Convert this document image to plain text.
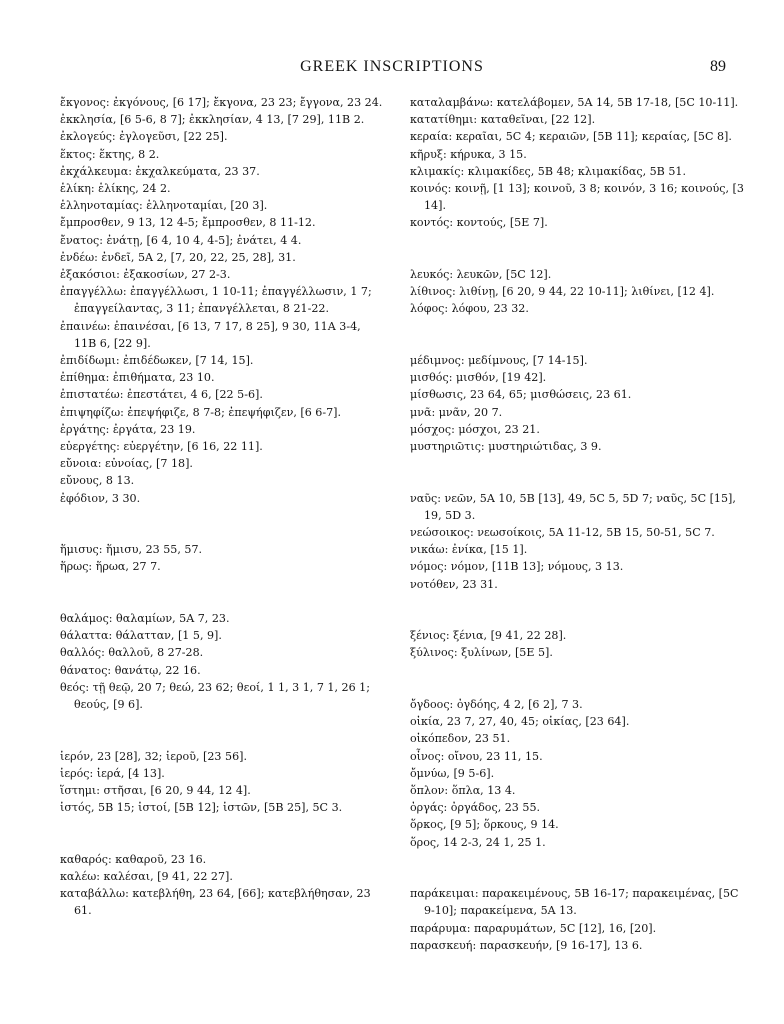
GREEK INSCRIPTIONS	89
ἔκγονος: ἐκγόνους, [6 17]; ἔκγονα, 23 23; ἔγγονα, 23 24.
ἐκκλησία, [6 5-6, 8 7]; ἐκκλησίαν, 4 13, [7 29], 11B 2.
ἐκλογεύς: ἐγλογεῦσι, [22 25].
ἕκτος: ἕκτης, 8 2.
ἐκχάλκευμα: ἐκχαλκεύματα, 23 37.
ἑλίκη: ἑλίκης, 24 2.
ἑλληνοταμίας: ἑλληνοταμίαι, [20 3].
ἔμπροσθεν, 9 13, 12 4-5; ἔμπροσθεν, 8 11-12.
ἔνατος: ἐνάτῃ, [6 4, 10 4, 4-5]; ἐνάτει, 4 4.
ἐνδέω: ἐνδεῖ, 5A 2, [7, 20, 22, 25, 28], 31.
ἐξακόσιοι: ἐξακοσίων, 27 2-3.
ἐπαγγέλλω: ἐπαγγέλλωσι, 1 10-11; ἐπαγγέλλωσιν, 1 7; ἐπαγγείλαντας, 3 11; ἐπανγέλλεται, 8 21-22.
ἐπαινέω: ἐπαινέσαι, [6 13, 7 17, 8 25], 9 30, 11A 3-4, 11B 6, [22 9].
ἐπιδίδωμι: ἐπιδέδωκεν, [7 14, 15].
ἐπίθημα: ἐπιθήματα, 23 10.
ἐπιστατέω: ἐπεστάτει, 4 6, [22 5-6].
ἐπιψηφίζω: ἐπεψήφιζε, 8 7-8; ἐπεψήφιζεν, [6 6-7].
ἐργάτης: ἐργάτα, 23 19.
εὐεργέτης: εὐεργέτην, [6 16, 22 11].
εὔνοια: εὐνοίας, [7 18].
εὔνους, 8 13.
ἐφόδιον, 3 30.
ἥμισυς: ἥμισυ, 23 55, 57.
ἥρως: ἥρωα, 27 7.
θαλάμος: θαλαμίων, 5A 7, 23.
θάλαττα: θάλατταν, [1 5, 9].
θαλλός: θαλλοῦ, 8 27-28.
θάνατος: θανάτῳ, 22 16.
θεός: τῇ θεῷ, 20 7; θεώ, 23 62; θεοί, 1 1, 3 1, 7 1, 26 1; θεούς, [9 6].
ἱερόν, 23 [28], 32; ἱεροῦ, [23 56].
ἱερός: ἱερά, [4 13].
ἵστημι: στῆσαι, [6 20, 9 44, 12 4].
ἱστός, 5B 15; ἱστοί, [5B 12]; ἱστῶν, [5B 25], 5C 3.
καθαρός: καθαροῦ, 23 16.
καλέω: καλέσαι, [9 41, 22 27].
καταβάλλω: κατεβλήθη, 23 64, [66]; κατεβλήθησαν, 23 61.
καταλαμβάνω: κατελάβομεν, 5A 14, 5B 17-18, [5C 10-11].
κατατίθημι: καταθεῖναι, [22 12].
κεραία: κεραῖαι, 5C 4; κεραιῶν, [5B 11]; κεραίας, [5C 8].
κῆρυξ: κήρυκα, 3 15.
κλιμακίς: κλιμακίδες, 5B 48; κλιμακίδας, 5B 51.
κοινός: κοινῇ, [1 13]; κοινοῦ, 3 8; κοινόν, 3 16; κοινούς, [3 14].
κοντός: κοντούς, [5E 7].
λευκός: λευκῶν, [5C 12].
λίθινος: λιθίνῃ, [6 20, 9 44, 22 10-11]; λιθίνει, [12 4].
λόφος: λόφου, 23 32.
μέδιμνος: μεδίμνους, [7 14-15].
μισθός: μισθόν, [19 42].
μίσθωσις, 23 64, 65; μισθώσεις, 23 61.
μνᾶ: μνᾶν, 20 7.
μόσχος: μόσχοι, 23 21.
μυστηριῶτις: μυστηριώτιδας, 3 9.
ναῦς: νεῶν, 5A 10, 5B [13], 49, 5C 5, 5D 7; ναῦς, 5C [15], 19, 5D 3.
νεώσοικος: νεωσοίκοις, 5A 11-12, 5B 15, 50-51, 5C 7.
νικάω: ἐνίκα, [15 1].
νόμος: νόμον, [11B 13]; νόμους, 3 13.
νοτόθεν, 23 31.
ξένιος: ξένια, [9 41, 22 28].
ξύλινος: ξυλίνων, [5E 5].
ὄγδοος: ὀγδόης, 4 2, [6 2], 7 3.
οἰκία, 23 7, 27, 40, 45; οἰκίας, [23 64].
οἰκόπεδον, 23 51.
οἶνος: οἴνου, 23 11, 15.
ὄμνύω, [9 5-6].
ὅπλον: ὅπλα, 13 4.
ὀργάς: ὀργάδος, 23 55.
ὅρκος, [9 5]; ὅρκους, 9 14.
ὅρος, 14 2-3, 24 1, 25 1.
παράκειμαι: παρακειμένους, 5B 16-17; παρακειμένας, [5C 9-10]; παρακείμενα, 5A 13.
παράρυμα: παραρυμάτων, 5C [12], 16, [20].
παρασκευή: παρασκευήν, [9 16-17], 13 6.
